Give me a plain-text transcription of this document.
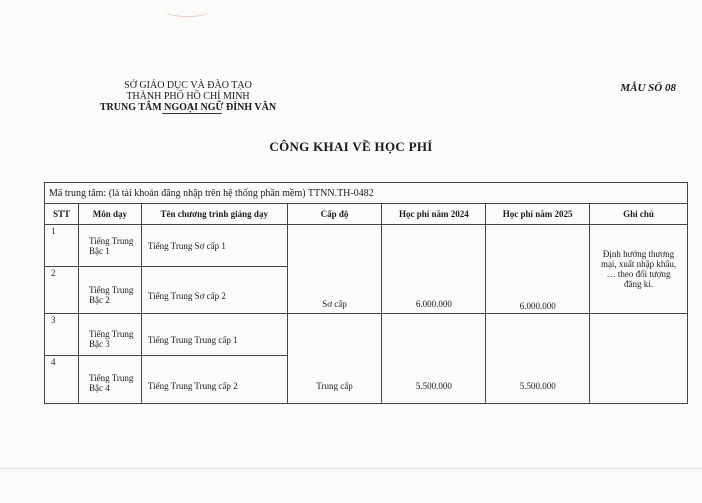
SỞ GIÁO DỤC VÀ ĐÀO TẠO
THÀNH PHỐ HỒ CHÍ MINH
TRUNG TÂM NGOẠI NGỮ ĐÌNH VÂN
MẪU SỐ 08
CÔNG KHAI VỀ HỌC PHÍ
Mã trung tâm: (là tài khoản đăng nhập trên hệ thống phần mềm) TTNN.TH-0482						
STT	Môn dạy	Tên chương trình giảng dạy	Cấp độ	Học phí năm 2024	Học phí năm 2025	Ghi chú
1	Tiếng Trung
Bậc 1	Tiếng Trung Sơ cấp 1	Sơ cấp	6.000.000	6.000.000	Định hướng thương mại, xuất nhập khẩu, … theo đối tượng đăng kí.
2	Tiếng Trung
Bậc 2	Tiếng Trung Sơ cấp 2				
3	Tiếng Trung
Bậc 3	Tiếng Trung Trung cấp 1	Trung cấp	5.500.000	5.500.000	
4	Tiếng Trung
Bậc 4	Tiếng Trung Trung cấp 2				
